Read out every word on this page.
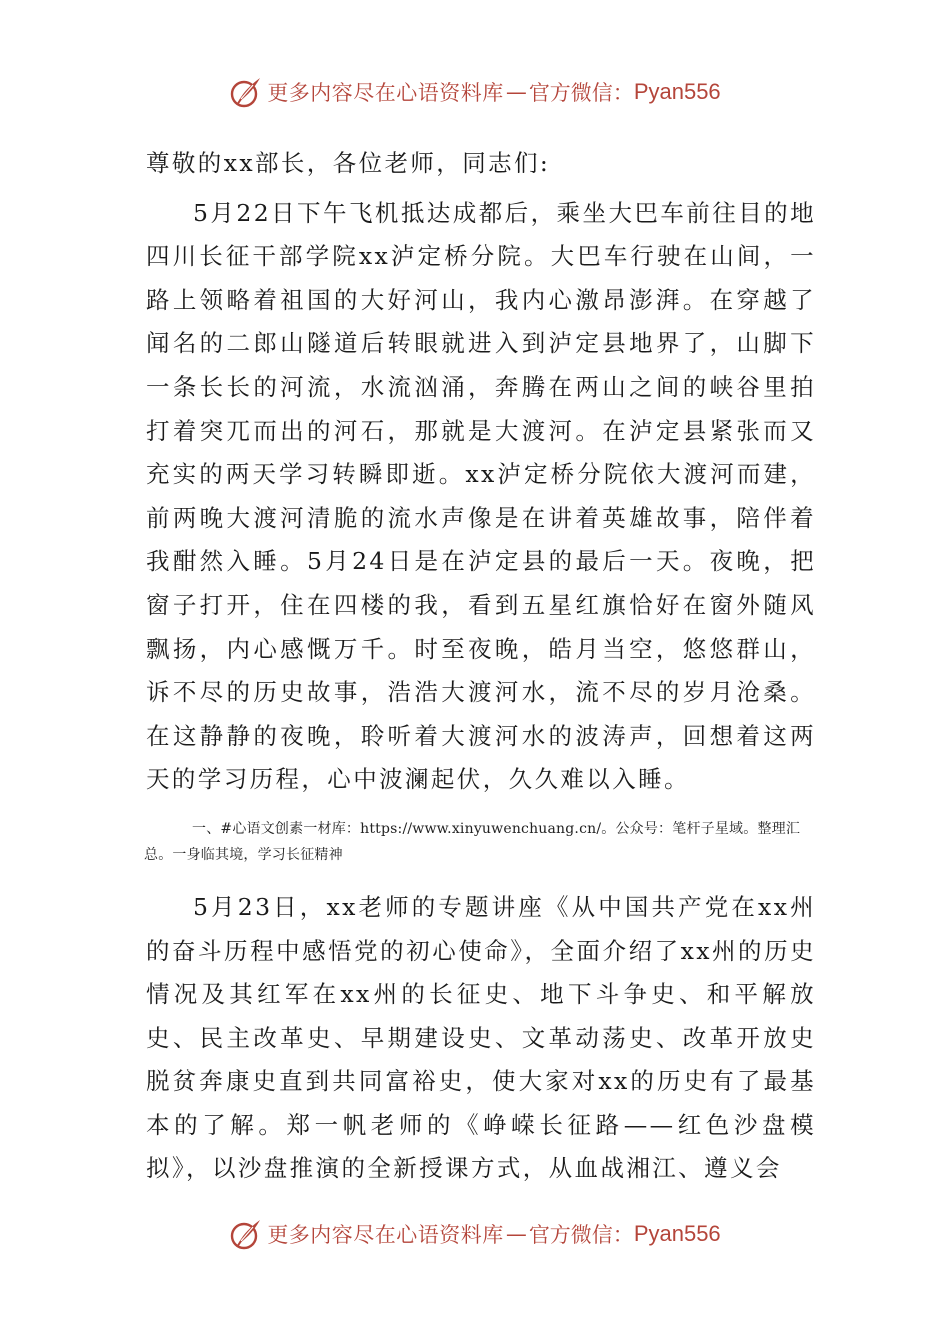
更多内容尽在心语资料库 — 官方微信： Pyan556

尊敬的xx部长，各位老师，同志们:

5月22日下午飞机抵达成都后，乘坐大巴车前往目的地四川长征干部学院xx泸定桥分院。大巴车行驶在山间，一路上领略着祖国的大好河山，我内心激昂澎湃。在穿越了闻名的二郎山隧道后转眼就进入到泸定县地界了，山脚下一条长长的河流，水流汹涌，奔腾在两山之间的峡谷里拍打着突兀而出的河石，那就是大渡河。在泸定县紧张而又充实的两天学习转瞬即逝。xx泸定桥分院依大渡河而建，前两晚大渡河清脆的流水声像是在讲着英雄故事，陪伴着我酣然入睡。5月24日是在泸定县的最后一天。夜晚，把窗子打开，住在四楼的我，看到五星红旗恰好在窗外随风飘扬，内心感慨万千。时至夜晚，皓月当空，悠悠群山，诉不尽的历史故事，浩浩大渡河水，流不尽的岁月沧桑。在这静静的夜晚，聆听着大渡河水的波涛声，回想着这两天的学习历程，心中波澜起伏，久久难以入睡。

一、#心语文创素一材库：https://www.xinyuwenchuang.cn/。公众号：笔杆子星域。整理汇总。一身临其境，学习长征精神

5月23日，xx老师的专题讲座《从中国共产党在xx州的奋斗历程中感悟党的初心使命》，全面介绍了xx州的历史情况及其红军在xx州的长征史、地下斗争史、和平解放史、民主改革史、早期建设史、文革动荡史、改革开放史脱贫奔康史直到共同富裕史，使大家对xx的历史有了最基本的了解。郑一帆老师的《峥嵘长征路——红色沙盘模拟》，以沙盘推演的全新授课方式，从血战湘江、遵义会

更多内容尽在心语资料库 — 官方微信： Pyan556
